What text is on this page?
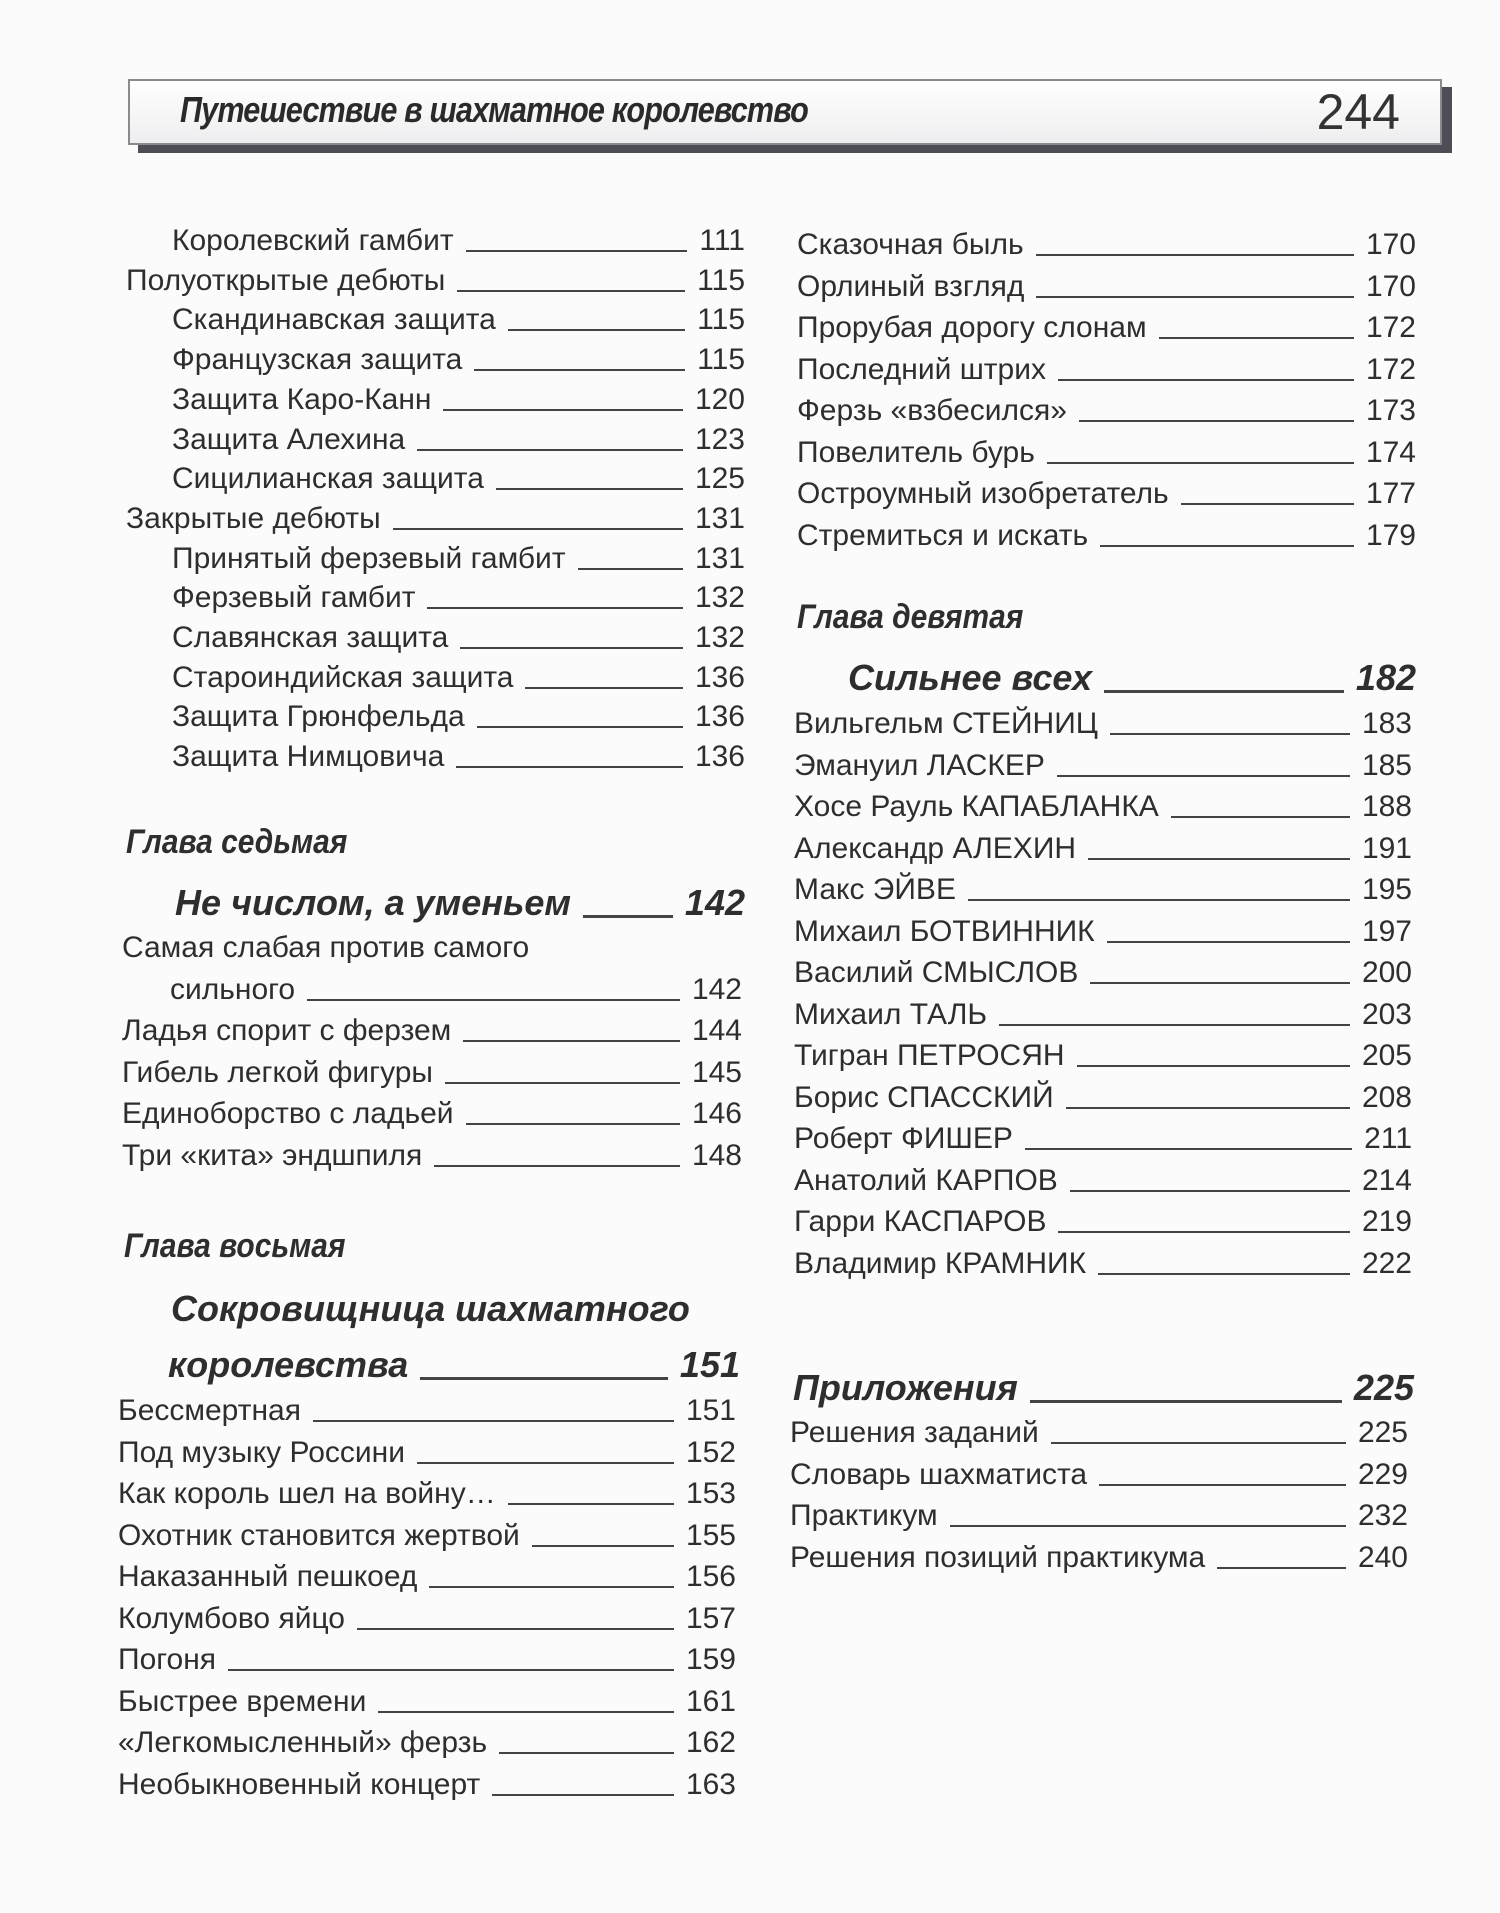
Путешествие в шахматное королевство	244
Королевский гамбит	111
Полуоткрытые дебюты	115
Скандинавская защита	115
Французская защита	115
Защита Каро-Канн	120
Защита Алехина	123
Сицилианская защита	125
Закрытые дебюты	131
Принятый ферзевый гамбит	131
Ферзевый гамбит	132
Славянская защита	132
Староиндийская защита	136
Защита Грюнфельда	136
Защита Нимцовича	136
Глава седьмая
Не числом, а уменьем	142
Самая слабая против самого
сильного	142
Ладья спорит с ферзем	144
Гибель легкой фигуры	145
Единоборство с ладьей	146
Три «кита» эндшпиля	148
Глава восьмая
Сокровищница шахматного
королевства	151
Бессмертная	151
Под музыку Россини	152
Как король шел на войну…	153
Охотник становится жертвой	155
Наказанный пешкоед	156
Колумбово яйцо	157
Погоня	159
Быстрее времени	161
«Легкомысленный» ферзь	162
Необыкновенный концерт	163
Сказочная быль	170
Орлиный взгляд	170
Прорубая дорогу слонам	172
Последний штрих	172
Ферзь «взбесился»	173
Повелитель бурь	174
Остроумный изобретатель	177
Стремиться и искать	179
Глава девятая
Сильнее всех	182
Вильгельм СТЕЙНИЦ	183
Эмануил ЛАСКЕР	185
Хосе Рауль КАПАБЛАНКА	188
Александр АЛЕХИН	191
Макс ЭЙВЕ	195
Михаил БОТВИННИК	197
Василий СМЫСЛОВ	200
Михаил ТАЛЬ	203
Тигран ПЕТРОСЯН	205
Борис СПАССКИЙ	208
Роберт ФИШЕР	211
Анатолий КАРПОВ	214
Гарри КАСПАРОВ	219
Владимир КРАМНИК	222
Приложения	225
Решения заданий	225
Словарь шахматиста	229
Практикум	232
Решения позиций практикума	240
